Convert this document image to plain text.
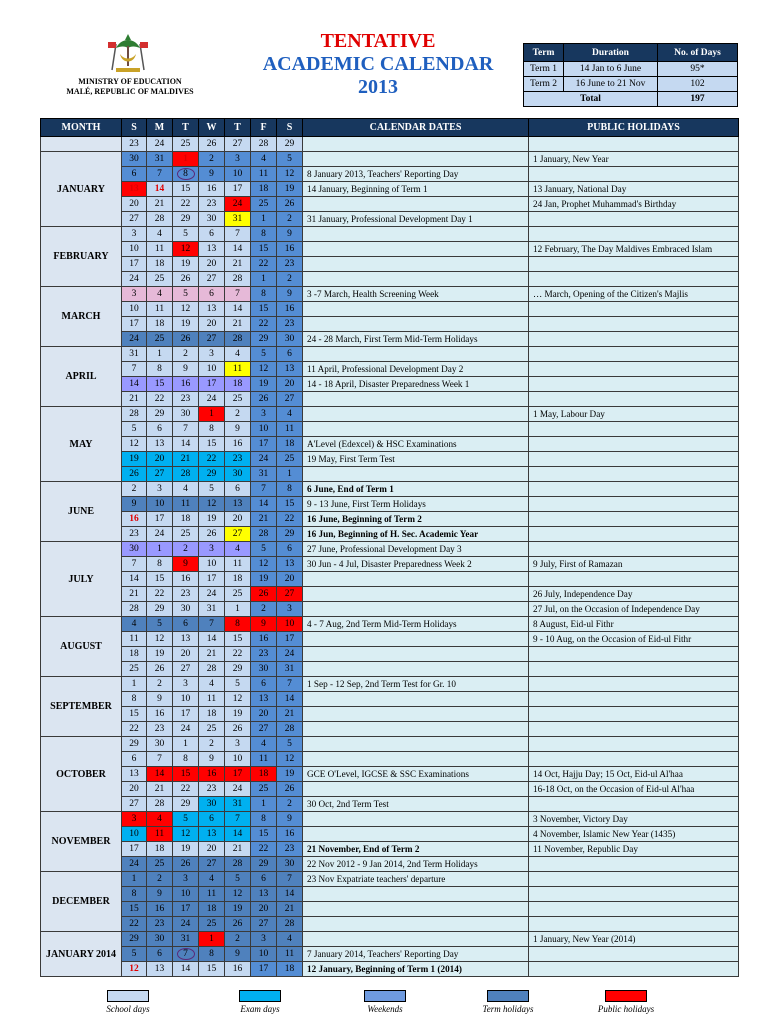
MINISTRY OF EDUCATION
MALÉ, REPUBLIC OF MALDIVES
TENTATIVE
ACADEMIC CALENDAR
2013
Term	Duration	No. of Days
Term 1	14 Jan to 6 June	95*
Term 2	16 June to 21 Nov	102
Total		197
MONTH	S	M	T	W	T	F	S	CALENDAR DATES	PUBLIC HOLIDAYS
	23	24	25	26	27	28	29		
JANUARY	30	31	1	2	3	4	5		1 January, New Year
	6	7	8	9	10	11	12	8 January 2013, Teachers' Reporting Day	
	13	14	15	16	17	18	19	14 January, Beginning of Term 1	13 January, National Day
	20	21	22	23	24	25	26		24 Jan, Prophet Muhammad's Birthday
	27	28	29	30	31	1	2	31 January, Professional Development Day 1	
FEBRUARY	3	4	5	6	7	8	9		
	10	11	12	13	14	15	16		12 February, The Day Maldives Embraced Islam
	17	18	19	20	21	22	23		
	24	25	26	27	28	1	2		
MARCH	3	4	5	6	7	8	9	3 -7 March, Health Screening Week	… March, Opening of the Citizen's Majlis
	10	11	12	13	14	15	16		
	17	18	19	20	21	22	23		
	24	25	26	27	28	29	30	24 - 28 March, First Term Mid-Term Holidays	
APRIL	31	1	2	3	4	5	6		
	7	8	9	10	11	12	13	11 April, Professional Development Day 2	
	14	15	16	17	18	19	20	14 - 18 April, Disaster Preparedness Week 1	
	21	22	23	24	25	26	27		
MAY	28	29	30	1	2	3	4		1 May, Labour Day
	5	6	7	8	9	10	11		
	12	13	14	15	16	17	18	A'Level (Edexcel) & HSC Examinations	
	19	20	21	22	23	24	25	19 May, First Term Test	
	26	27	28	29	30	31	1		
JUNE	2	3	4	5	6	7	8	6 June, End of Term 1	
	9	10	11	12	13	14	15	9 - 13 June, First Term Holidays	
	16	17	18	19	20	21	22	16 June, Beginning of Term 2	
	23	24	25	26	27	28	29	16 Jun, Beginning of H. Sec. Academic Year	
JULY	30	1	2	3	4	5	6	27 June, Professional Development Day 3	
	7	8	9	10	11	12	13	30 Jun - 4 Jul, Disaster Preparedness Week 2	9 July, First of Ramazan
	14	15	16	17	18	19	20		
	21	22	23	24	25	26	27		26 July, Independence Day
	28	29	30	31	1	2	3		27 Jul, on the Occasion of Independence Day
AUGUST	4	5	6	7	8	9	10	4 - 7 Aug, 2nd Term Mid-Term Holidays	8 August, Eid-ul Fithr
	11	12	13	14	15	16	17		9 - 10 Aug, on the Occasion of Eid-ul Fithr
	18	19	20	21	22	23	24		
	25	26	27	28	29	30	31		
SEPTEMBER	1	2	3	4	5	6	7	1 Sep - 12 Sep, 2nd Term Test for Gr. 10	
	8	9	10	11	12	13	14		
	15	16	17	18	19	20	21		
	22	23	24	25	26	27	28		
OCTOBER	29	30	1	2	3	4	5		
	6	7	8	9	10	11	12		
	13	14	15	16	17	18	19	GCE O'Level, IGCSE & SSC Examinations	14 Oct, Hajju Day; 15 Oct, Eid-ul Al'haa
	20	21	22	23	24	25	26		16-18 Oct, on the Occasion of Eid-ul Al'haa
	27	28	29	30	31	1	2	30 Oct, 2nd Term Test	
NOVEMBER	3	4	5	6	7	8	9		3 November, Victory Day
	10	11	12	13	14	15	16		4 November, Islamic New Year (1435)
	17	18	19	20	21	22	23	21 November, End of Term 2	11 November, Republic Day
	24	25	26	27	28	29	30	22 Nov 2012 - 9 Jan 2014, 2nd Term Holidays	
DECEMBER	1	2	3	4	5	6	7	23 Nov Expatriate teachers' departure	
	8	9	10	11	12	13	14		
	15	16	17	18	19	20	21		
	22	23	24	25	26	27	28		
JANUARY 2014	29	30	31	1	2	3	4		1 January, New Year (2014)
	5	6	7	8	9	10	11	7 January 2014, Teachers' Reporting Day	
	12	13	14	15	16	17	18	12 January, Beginning of Term 1 (2014)	
School days	Exam days	Weekends	Term holidays	Public holidays
